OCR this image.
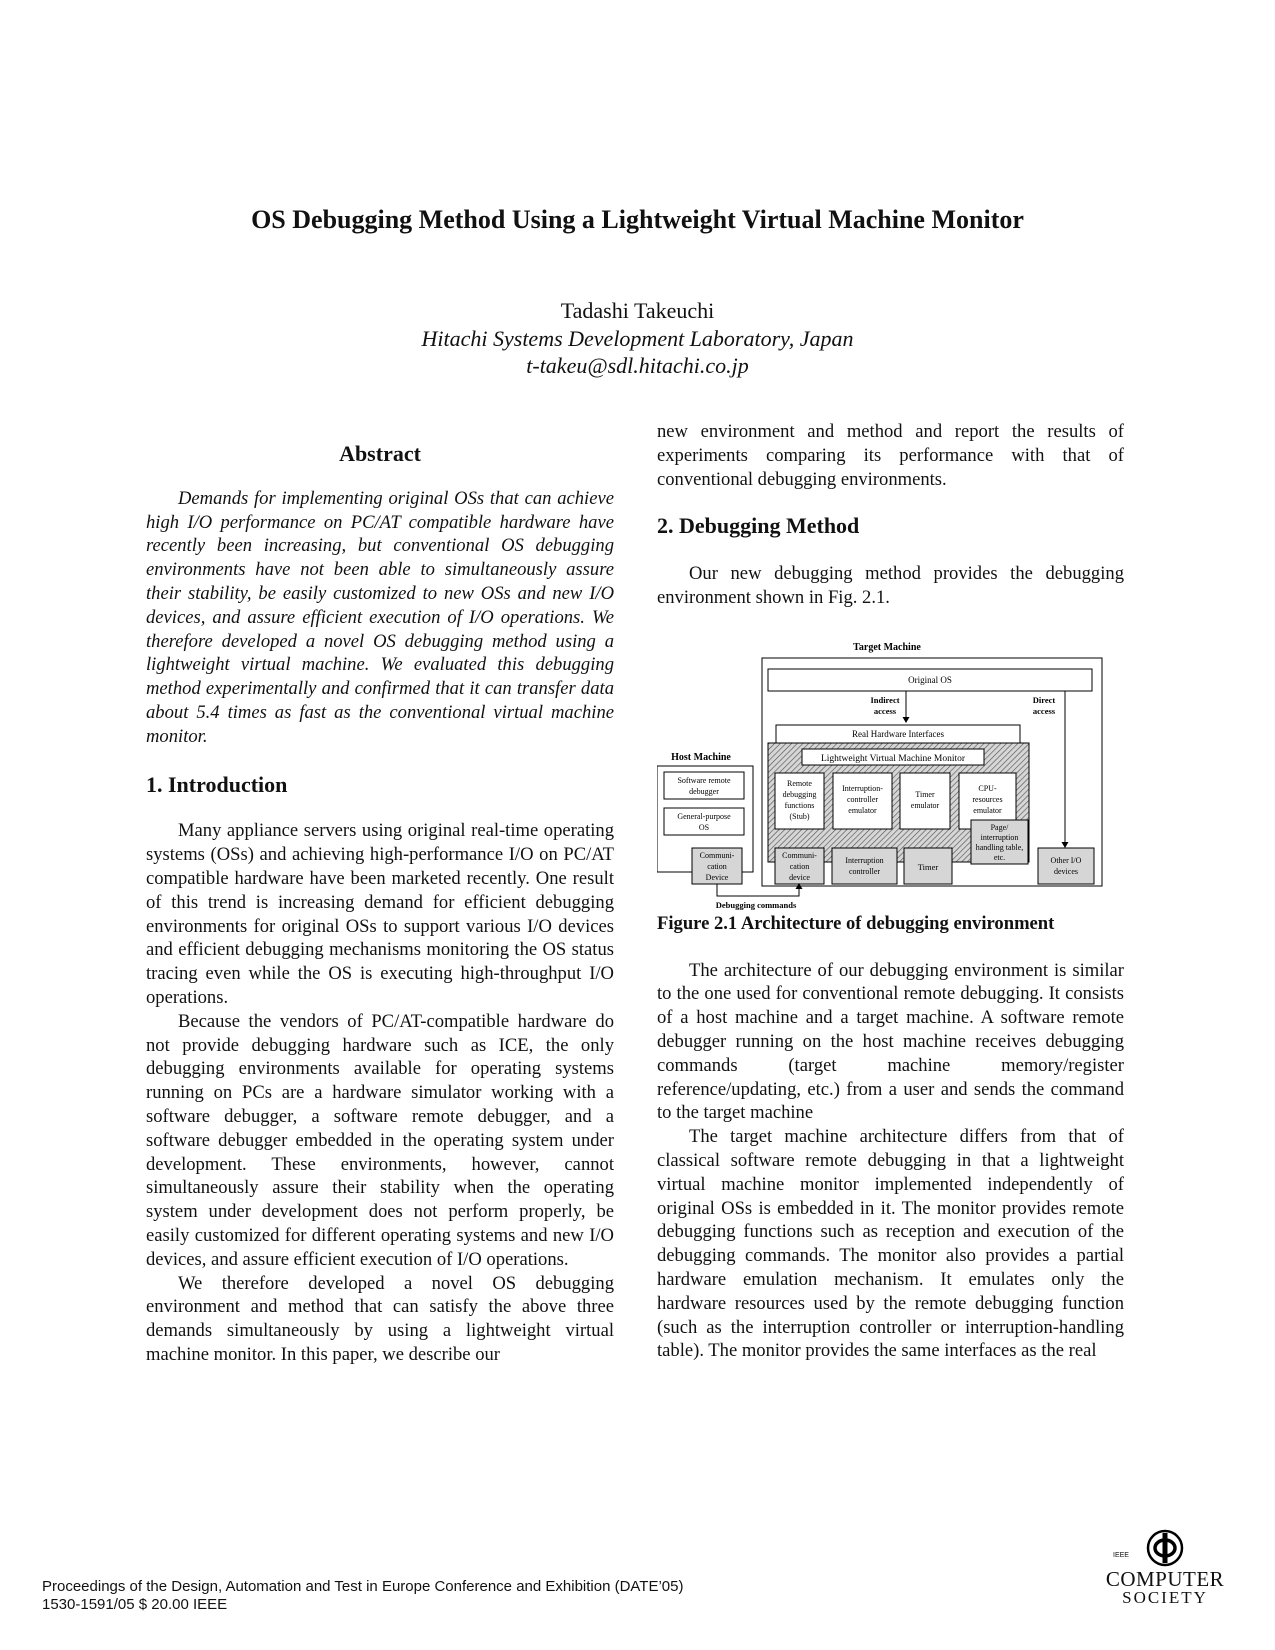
OS Debugging Method Using a Lightweight Virtual Machine Monitor
Tadashi Takeuchi
Hitachi Systems Development Laboratory, Japan
t-takeu@sdl.hitachi.co.jp
Abstract

Demands for implementing original OSs that can achieve high I/O performance on PC/AT compatible hardware have recently been increasing, but conventional OS debugging environments have not been able to simultaneously assure their stability, be easily customized to new OSs and new I/O devices, and assure efficient execution of I/O operations. We therefore developed a novel OS debugging method using a lightweight virtual machine. We evaluated this debugging method experimentally and confirmed that it can transfer data about 5.4 times as fast as the conventional virtual machine monitor.

1. Introduction

Many appliance servers using original real-time operating systems (OSs) and achieving high-performance I/O on PC/AT compatible hardware have been marketed recently. One result of this trend is increasing demand for efficient debugging environments for original OSs to support various I/O devices and efficient debugging mechanisms monitoring the OS status tracing even while the OS is executing high-throughput I/O operations.

Because the vendors of PC/AT-compatible hardware do not provide debugging hardware such as ICE, the only debugging environments available for operating systems running on PCs are a hardware simulator working with a software debugger, a software remote debugger, and a software debugger embedded in the operating system under development. These environments, however, cannot simultaneously assure their stability when the operating system under development does not perform properly, be easily customized for different operating systems and new I/O devices, and assure efficient execution of I/O operations.

We therefore developed a novel OS debugging environment and method that can satisfy the above three demands simultaneously by using a lightweight virtual machine monitor. In this paper, we describe our

new environment and method and report the results of experiments comparing its performance with that of conventional debugging environments.

2. Debugging Method

Our new debugging method provides the debugging environment shown in Fig. 2.1.

Target Machine
Original OS
Indirect
access
Direct
access
Real Hardware Interfaces
Lightweight Virtual Machine Monitor
Remote
debugging
functions
(Stub)
Interruption-
controller
emulator
Timer
emulator
CPU-
resources
emulator
Page/
interruption
handling table,
etc.
Communi-
cation
device
Interruption
controller	Timer
Other I/O
devices
Host Machine
Software remote
debugger
General-purpose
OS
Communi-
cation
Device
Debugging commands
Figure 2.1 Architecture of debugging environment

The architecture of our debugging environment is similar to the one used for conventional remote debugging. It consists of a host machine and a target machine. A software remote debugger running on the host machine receives debugging commands (target machine memory/register reference/updating, etc.) from a user and sends the command to the target machine

The target machine architecture differs from that of classical software remote debugging in that a lightweight virtual machine monitor implemented independently of original OSs is embedded in it. The monitor provides remote debugging functions such as reception and execution of the debugging commands. The monitor also provides a partial hardware emulation mechanism. It emulates only the hardware resources used by the remote debugging function (such as the interruption controller or interruption-handling table). The monitor provides the same interfaces as the real

Proceedings of the Design, Automation and Test in Europe Conference and Exhibition (DATE’05)
1530-1591/05 $ 20.00 IEEE
IEEE
COMPUTER
SOCIETY
